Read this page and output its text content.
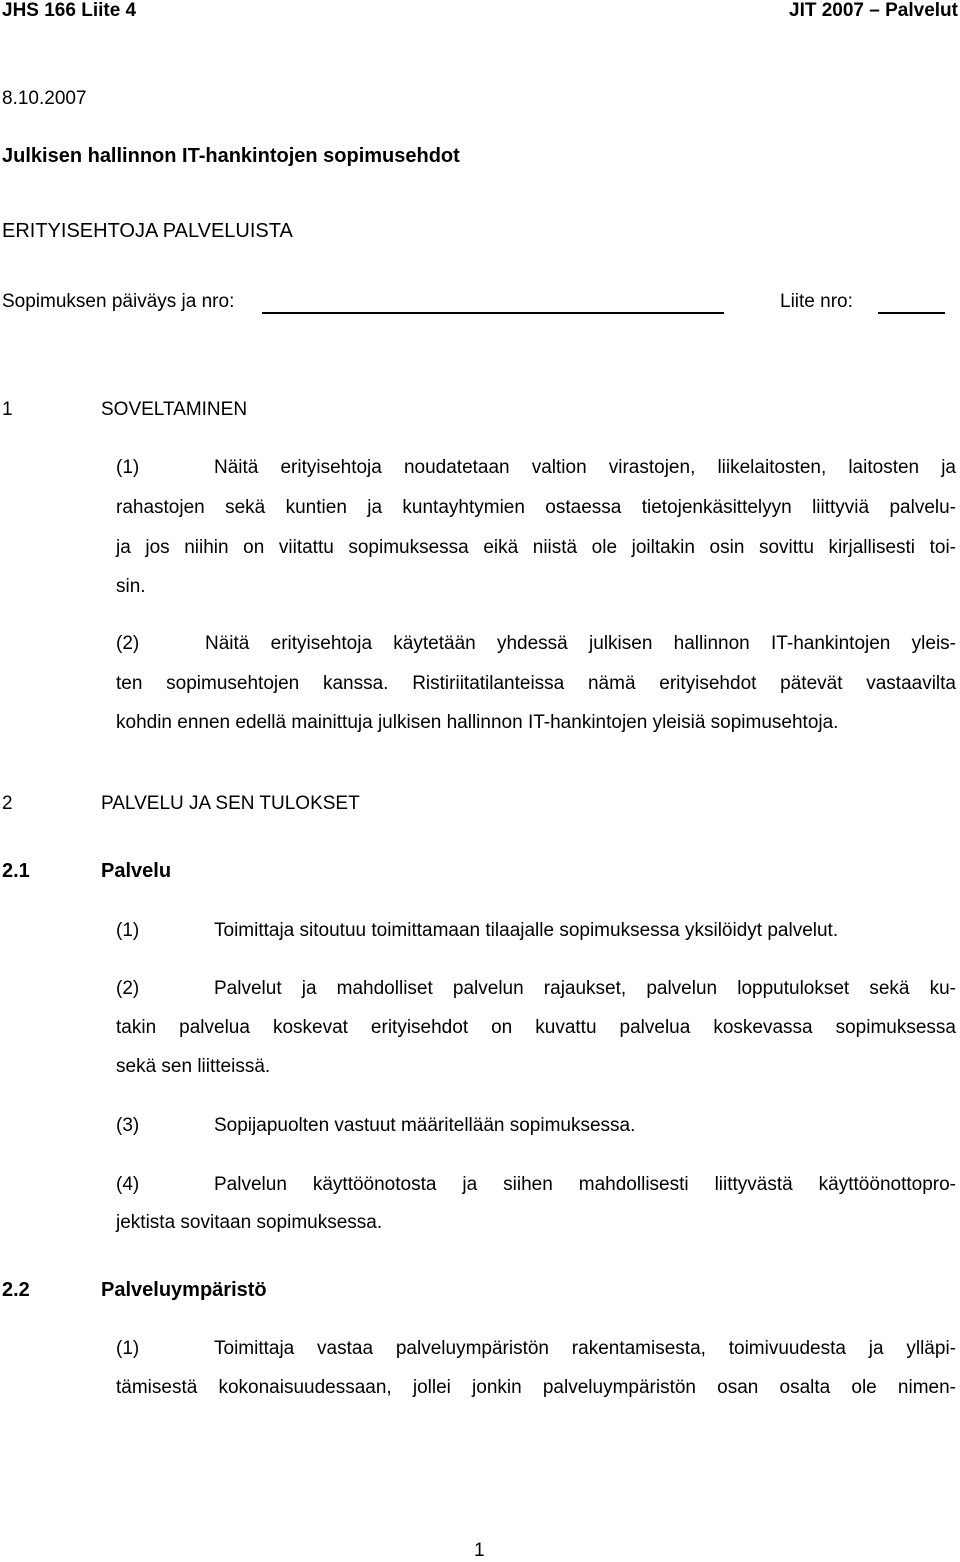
JHS 166 Liite 4	JIT 2007 – Palvelut
8.10.2007
Julkisen hallinnon IT-hankintojen sopimusehdot
ERITYISEHTOJA PALVELUISTA
Sopimuksen päiväys ja nro:	Liite nro:
1	SOVELTAMINEN
(1)	Näitä erityisehtoja noudatetaan valtion virastojen, liikelaitosten, laitosten ja
rahastojen sekä kuntien ja kuntayhtymien ostaessa tietojenkäsittelyyn liittyviä palvelu-
ja jos niihin on viitattu sopimuksessa eikä niistä ole joiltakin osin sovittu kirjallisesti toi-
sin.
(2)	Näitä erityisehtoja käytetään yhdessä julkisen hallinnon IT-hankintojen yleis-
ten sopimusehtojen kanssa. Ristiriitatilanteissa nämä erityisehdot pätevät vastaavilta
kohdin ennen edellä mainittuja julkisen hallinnon IT-hankintojen yleisiä sopimusehtoja.
2	PALVELU JA SEN TULOKSET
2.1	Palvelu
(1)	Toimittaja sitoutuu toimittamaan tilaajalle sopimuksessa yksilöidyt palvelut.
(2)	Palvelut ja mahdolliset palvelun rajaukset, palvelun lopputulokset sekä ku-
takin palvelua koskevat erityisehdot on kuvattu palvelua koskevassa sopimuksessa
sekä sen liitteissä.
(3)	Sopijapuolten vastuut määritellään sopimuksessa.
(4)	Palvelun käyttöönotosta ja siihen mahdollisesti liittyvästä käyttöönottopro-
jektista sovitaan sopimuksessa.
2.2	Palveluympäristö
(1)	Toimittaja vastaa palveluympäristön rakentamisesta, toimivuudesta ja ylläpi-
tämisestä kokonaisuudessaan, jollei jonkin palveluympäristön osan osalta ole nimen-
1
